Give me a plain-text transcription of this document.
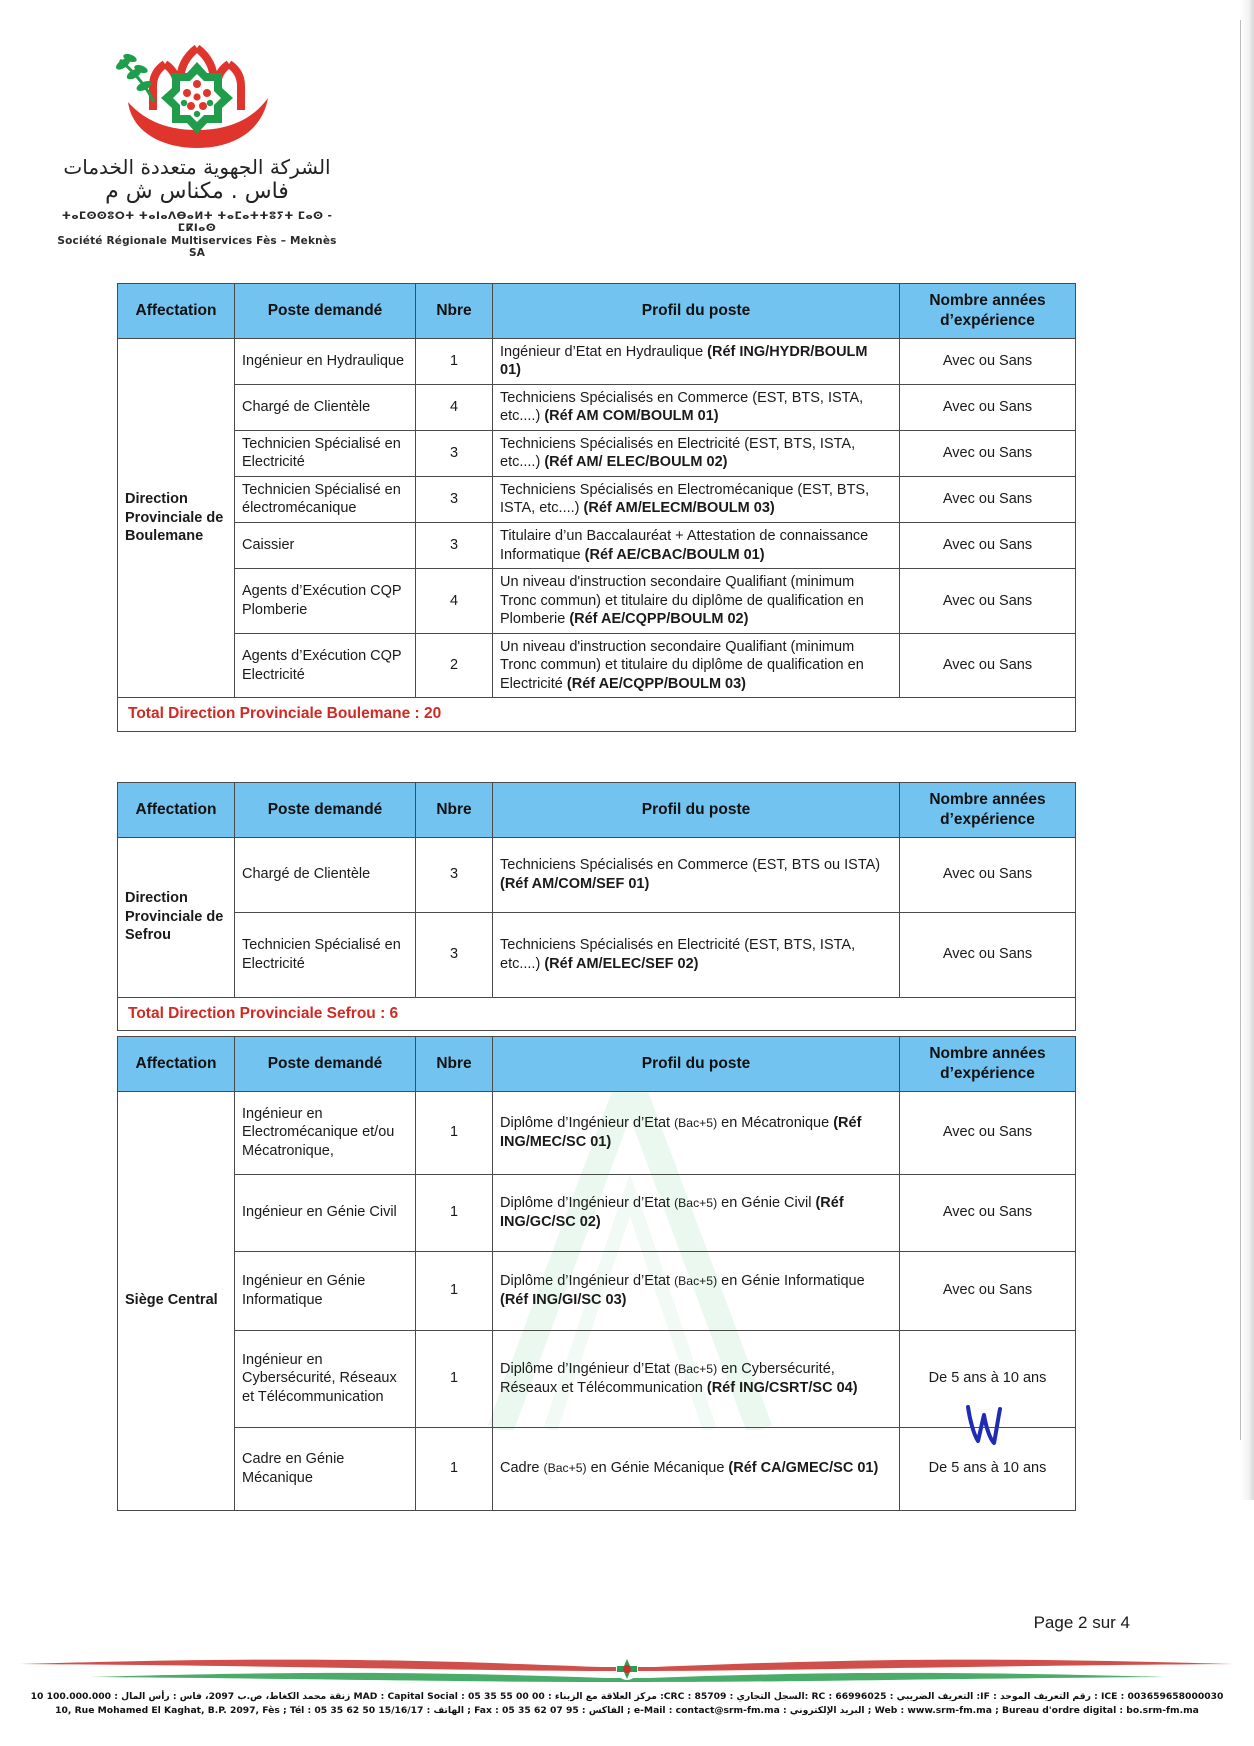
الشركة الجهوية متعددة الخدمات
فاس . مكناس ش م
ⵜⴰⵎⵙⵙⵓⵔⵜ ⵜⴰⵏⴰⴷⴱⴰⵍⵜ ⵜⴰⵎⴰⵜⵜⵓⵢⵜ ⵎⴰⵙ - ⵎⴽⵏⴰⵙ
Société Régionale Multiservices Fès – Meknès SA
Affectation	Poste demandé	Nbre	Profil du poste	Nombre années
d’expérience
Direction Provinciale de Boulemane	Ingénieur en Hydraulique	1	Ingénieur d’Etat en Hydraulique (Réf ING/HYDR/BOULM 01)	Avec ou Sans
	Chargé de Clientèle	4	Techniciens Spécialisés en Commerce (EST, BTS, ISTA, etc....) (Réf AM COM/BOULM 01)	Avec ou Sans
	Technicien Spécialisé en Electricité	3	Techniciens Spécialisés en Electricité (EST, BTS, ISTA, etc....) (Réf AM/ ELEC/BOULM 02)	Avec ou Sans
	Technicien Spécialisé en électromécanique	3	Techniciens Spécialisés en Electromécanique (EST, BTS, ISTA, etc....) (Réf AM/ELECM/BOULM 03)	Avec ou Sans
	Caissier	3	Titulaire d’un Baccalauréat + Attestation de connaissance Informatique (Réf AE/CBAC/BOULM 01)	Avec ou Sans
	Agents d’Exécution CQP Plomberie	4	Un niveau d'instruction secondaire Qualifiant (minimum Tronc commun) et titulaire du diplôme de qualification en Plomberie (Réf AE/CQPP/BOULM 02)	Avec ou Sans
	Agents d’Exécution CQP Electricité	2	Un niveau d'instruction secondaire Qualifiant (minimum Tronc commun) et titulaire du diplôme de qualification en Electricité (Réf AE/CQPP/BOULM 03)	Avec ou Sans
Total Direction Provinciale Boulemane : 20				
Affectation	Poste demandé	Nbre	Profil du poste	Nombre années
d’expérience
Direction Provinciale de Sefrou	Chargé de Clientèle	3	Techniciens Spécialisés en Commerce (EST, BTS ou ISTA) (Réf AM/COM/SEF 01)	Avec ou Sans
	Technicien Spécialisé en Electricité	3	Techniciens Spécialisés en Electricité (EST, BTS, ISTA, etc....) (Réf AM/ELEC/SEF 02)	Avec ou Sans
Total Direction Provinciale Sefrou : 6				
Affectation	Poste demandé	Nbre	Profil du poste	Nombre années
d’expérience
Siège Central	Ingénieur en Electromécanique et/ou Mécatronique,	1	Diplôme d’Ingénieur d’Etat (Bac+5) en Mécatronique (Réf ING/MEC/SC 01)	Avec ou Sans
	Ingénieur en Génie Civil	1	Diplôme d’Ingénieur d’Etat (Bac+5) en Génie Civil (Réf ING/GC/SC 02)	Avec ou Sans
	Ingénieur en Génie Informatique	1	Diplôme d’Ingénieur d’Etat (Bac+5) en Génie Informatique (Réf ING/GI/SC 03)	Avec ou Sans
	Ingénieur en Cybersécurité, Réseaux et Télécommunication	1	Diplôme d’Ingénieur d’Etat (Bac+5) en Cybersécurité, Réseaux et Télécommunication (Réf ING/CSRT/SC 04)	De 5 ans à 10 ans
	Cadre en Génie Mécanique	1	Cadre (Bac+5) en Génie Mécanique (Réf CA/GMEC/SC 01)	De 5 ans à 10 ans
Page 2 sur 4
10 زنقة محمد الكغاط، ص.ب 2097، فاس : رأس المال : 100.000.000 MAD : Capital Social : مركز العلاقة مع الزبناء : 00 00 55 35 05 :CRC : السجل التجاري : 85709: RC : التعريف الضريبي : 66996025 :IF : رقم التعريف الموحد : ICE : 003659658000030
10, Rue Mohamed El Kaghat, B.P. 2097, Fès ; Tél : 05 35 62 50 15/16/17 : الهاتف ; Fax : 05 35 62 07 95 : الفاكس ; e-Mail : contact@srm-fm.ma : البريد الإلكتروني ; Web : www.srm-fm.ma ; Bureau d'ordre digital : bo.srm-fm.ma
